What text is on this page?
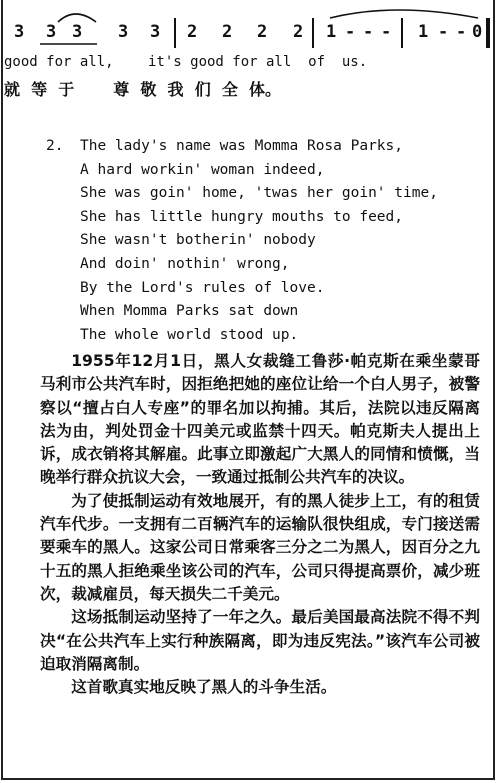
3 3 3 3 3 2 2 2 2 1 - - - 1 - - 0
good for all, it's good for all  of  us.
就  等  于       尊  敬  我  们  全  体。
2. The lady's name was Momma Rosa Parks,
A hard workin' woman indeed,
She was goin' home, 'twas her goin' time,
She has little hungry mouths to feed,
She wasn't botherin' nobody
And doin' nothin' wrong,
By the Lord's rules of love.
When Momma Parks sat down
The whole world stood up.

1955年12月1日，黑人女裁缝工鲁莎·帕克斯在乘坐蒙哥马利市公共汽车时，因拒绝把她的座位让给一个白人男子，被警察以“擅占白人专座”的罪名加以拘捕。其后，法院以违反隔离法为由，判处罚金十四美元或监禁十四天。帕克斯夫人提出上诉，成衣销将其解雇。此事立即激起广大黑人的同情和愤慨，当晚举行群众抗议大会，一致通过抵制公共汽车的决议。

为了使抵制运动有效地展开，有的黑人徒步上工，有的租赁汽车代步。一支拥有二百辆汽车的运输队很快组成，专门接送需要乘车的黑人。这家公司日常乘客三分之二为黑人，因百分之九十五的黑人拒绝乘坐该公司的汽车，公司只得提高票价，减少班次，裁减雇员，每天损失二千美元。

这场抵制运动坚持了一年之久。最后美国最高法院不得不判决“在公共汽车上实行种族隔离，即为违反宪法。”该汽车公司被迫取消隔离制。

这首歌真实地反映了黑人的斗争生活。
